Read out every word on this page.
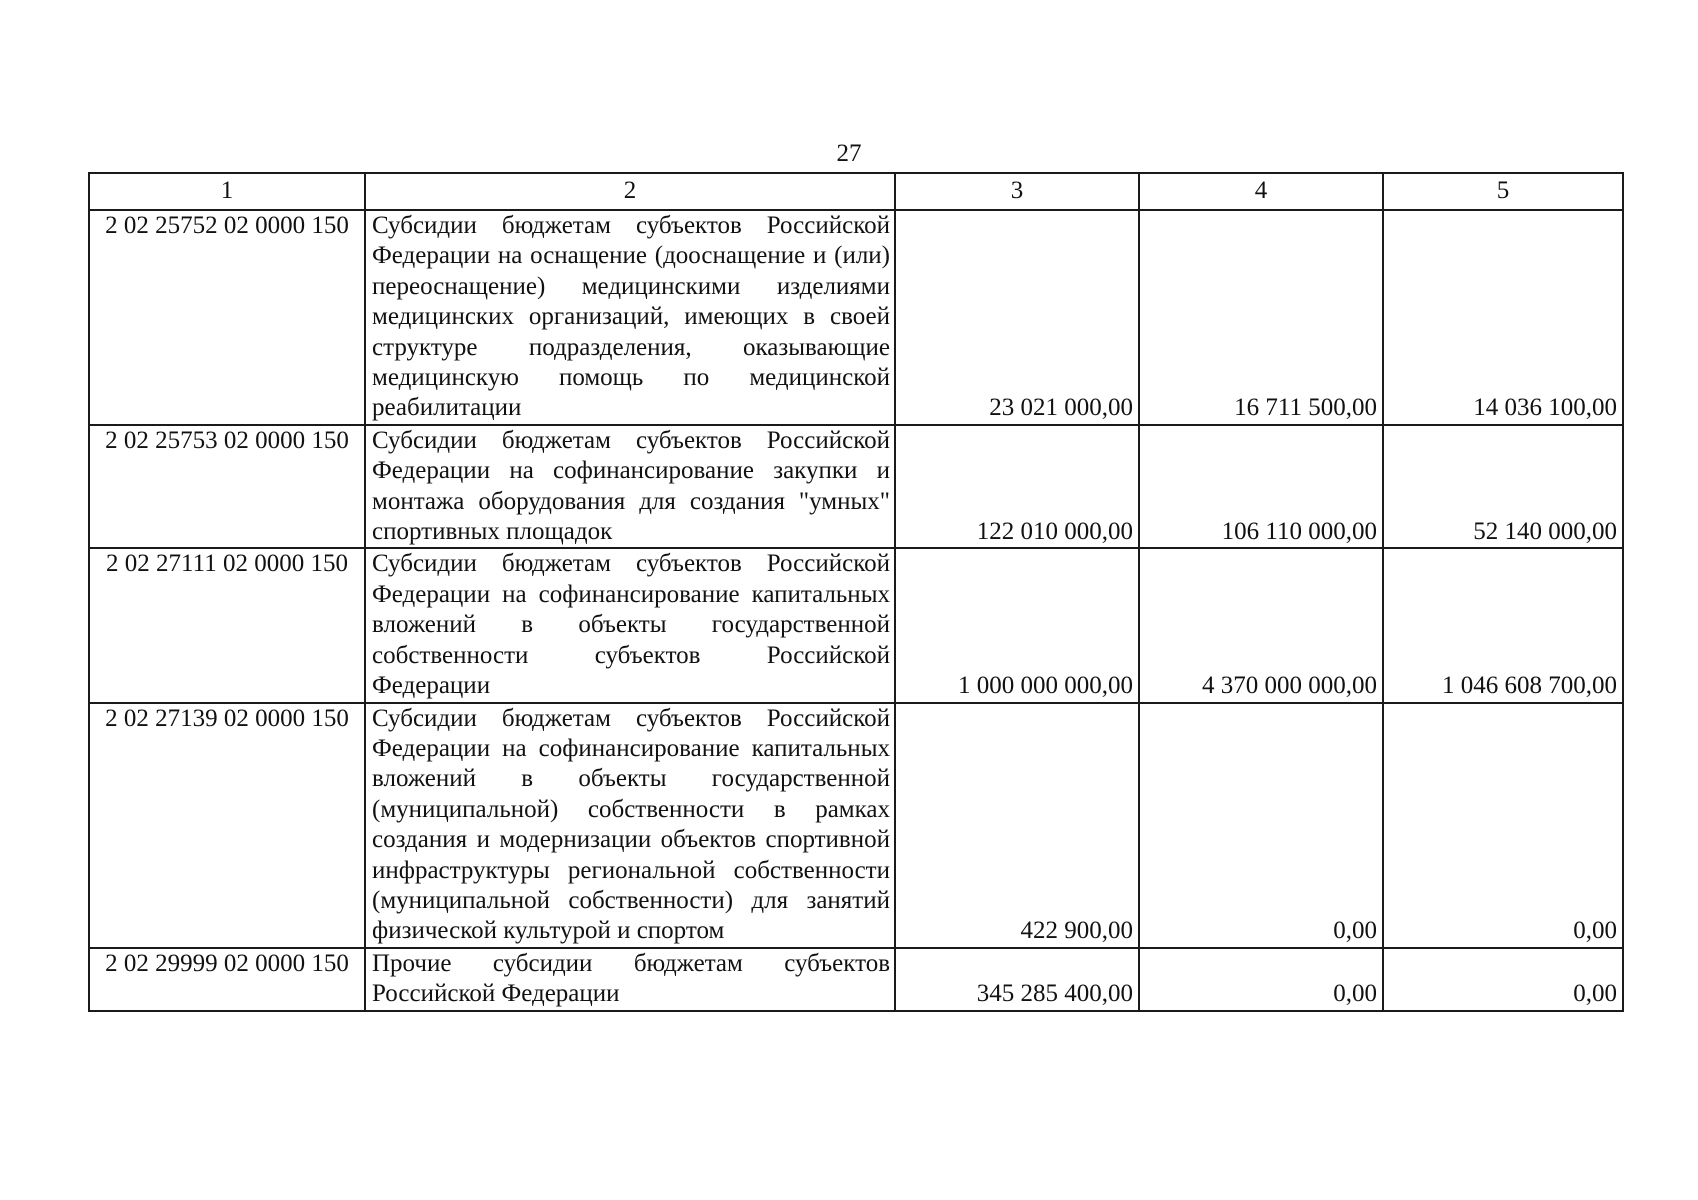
27
1	2	3	4	5
2 02 25752 02 0000 150	Субсидии бюджетам субъектов Российской Федерации на оснащение (дооснащение и (или) переоснащение) медицинскими изделиями медицинских организаций, имеющих в своей структуре подразделения, оказывающие медицинскую помощь по медицинской реабилитации	23 021 000,00	16 711 500,00	14 036 100,00
2 02 25753 02 0000 150	Субсидии бюджетам субъектов Российской Федерации на софинансирование закупки и монтажа оборудования для создания "умных" спортивных площадок	122 010 000,00	106 110 000,00	52 140 000,00
2 02 27111 02 0000 150	Субсидии бюджетам субъектов Российской Федерации на софинансирование капитальных вложений в объекты государственной собственности субъектов Российской Федерации	1 000 000 000,00	4 370 000 000,00	1 046 608 700,00
2 02 27139 02 0000 150	Субсидии бюджетам субъектов Российской Федерации на софинансирование капитальных вложений в объекты государственной (муниципальной) собственности в рамках создания и модернизации объектов спортивной инфраструктуры региональной собственности (муниципальной собственности) для занятий физической культурой и спортом	422 900,00	0,00	0,00
2 02 29999 02 0000 150	Прочие субсидии бюджетам субъектов Российской Федерации	345 285 400,00	0,00	0,00
